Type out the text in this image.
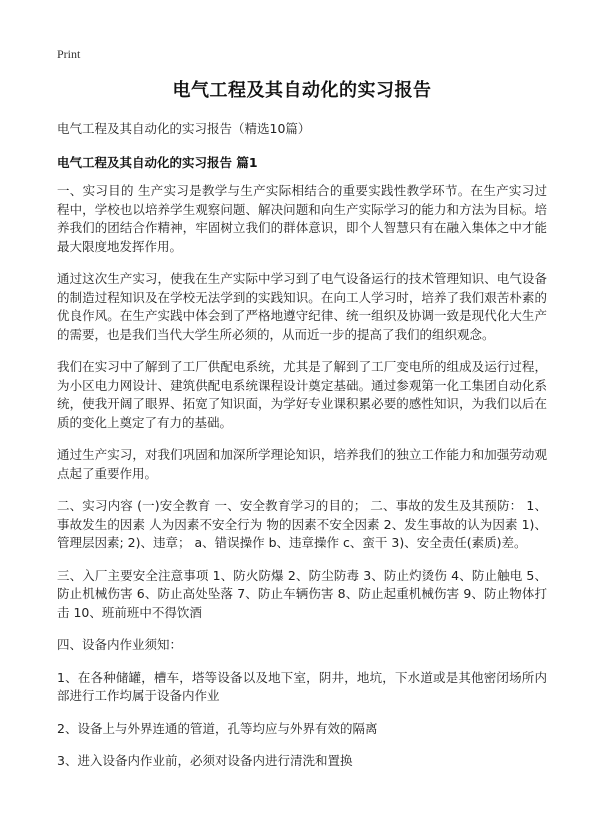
Print
电气工程及其自动化的实习报告
电气工程及其自动化的实习报告（精选10篇）
电气工程及其自动化的实习报告 篇1

一、实习目的 生产实习是教学与生产实际相结合的重要实践性教学环节。在生产实习过程中，学校也以培养学生观察问题、解决问题和向生产实际学习的能力和方法为目标。培养我们的团结合作精神，牢固树立我们的群体意识，即个人智慧只有在融入集体之中才能最大限度地发挥作用。

通过这次生产实习，使我在生产实际中学习到了电气设备运行的技术管理知识、电气设备的制造过程知识及在学校无法学到的实践知识。在向工人学习时，培养了我们艰苦朴素的优良作风。在生产实践中体会到了严格地遵守纪律、统一组织及协调一致是现代化大生产的需要，也是我们当代大学生所必须的，从而近一步的提高了我们的组织观念。

我们在实习中了解到了工厂供配电系统，尤其是了解到了工厂变电所的组成及运行过程，为小区电力网设计、建筑供配电系统课程设计奠定基础。通过参观第一化工集团自动化系统，使我开阔了眼界、拓宽了知识面，为学好专业课积累必要的感性知识，为我们以后在质的变化上奠定了有力的基础。

通过生产实习，对我们巩固和加深所学理论知识，培养我们的独立工作能力和加强劳动观点起了重要作用。

二、实习内容 (一)安全教育 一、安全教育学习的目的； 二、事故的发生及其预防： 1、事故发生的因素 人为因素不安全行为 物的因素不安全因素 2、发生事故的认为因素 1)、管理层因素; 2)、违章； a、错误操作 b、违章操作 c、蛮干 3)、安全责任(素质)差。

三、入厂主要安全注意事项 1、防火防爆 2、防尘防毒 3、防止灼烫伤 4、防止触电 5、防止机械伤害 6、防止高处坠落 7、防止车辆伤害 8、防止起重机械伤害 9、防止物体打击 10、班前班中不得饮酒

四、设备内作业须知：

1、在各种储罐，槽车，塔等设备以及地下室，阴井，地坑，下水道或是其他密闭场所内部进行工作均属于设备内作业

2、设备上与外界连通的管道，孔等均应与外界有效的隔离

3、进入设备内作业前，必须对设备内进行清洗和置换
